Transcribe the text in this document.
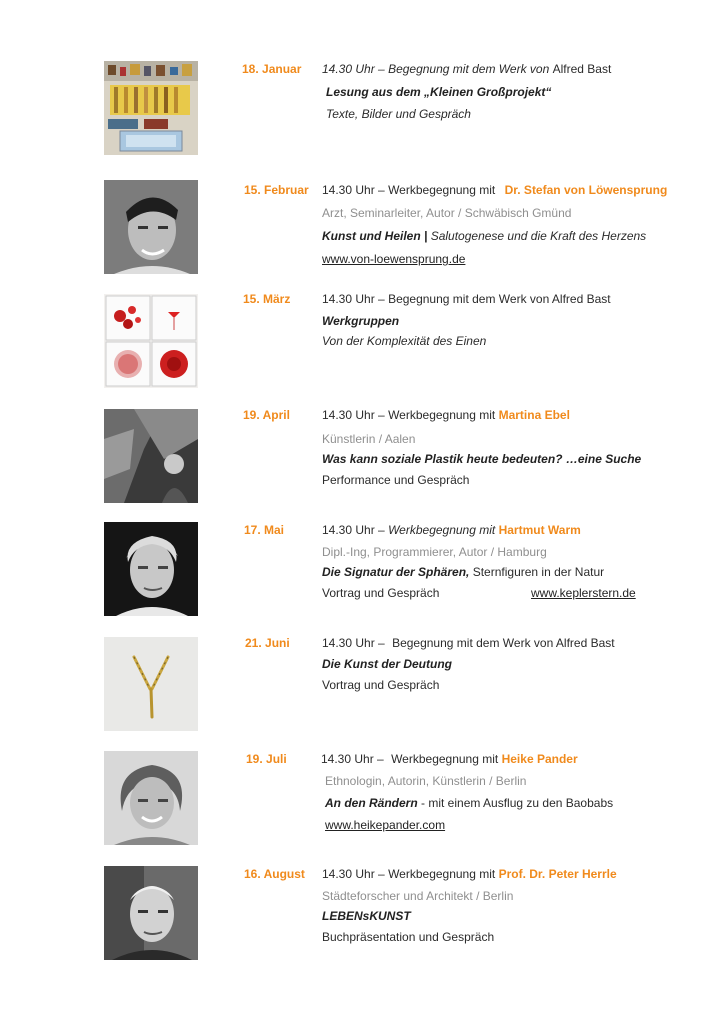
18. Januar 14.30 Uhr – Begegnung mit dem Werk von Alfred Bast
Lesung aus dem „Kleinen Großprojekt“
Texte, Bilder und Gespräch
15. Februar 14.30 Uhr – Werkbegegnung mit Dr. Stefan von Löwensprung
Arzt, Seminarleiter, Autor / Schwäbisch Gmünd
Kunst und Heilen | Salutogenese und die Kraft des Herzens
www.von-loewensprung.de
15. März	14.30 Uhr – Begegnung mit dem Werk von Alfred Bast
Werkgruppen
Von der Komplexität des Einen
19. April	14.30 Uhr – Werkbegegnung mit Martina Ebel
Künstlerin / Aalen
Was kann soziale Plastik heute bedeuten? …eine Suche
Performance und Gespräch
17. Mai	14.30 Uhr – Werkbegegnung mit Hartmut Warm
Dipl.-Ing, Programmierer, Autor / Hamburg
Die Signatur der Sphären, Sternfiguren in der Natur
Vortrag und Gespräch	www.keplerstern.de
21. Juni	14.30 Uhr – Begegnung mit dem Werk von Alfred Bast
Die Kunst der Deutung
Vortrag und Gespräch
19. Juli	14.30 Uhr – Werkbegegnung mit Heike Pander
Ethnologin, Autorin, Künstlerin / Berlin
An den Rändern - mit einem Ausflug zu den Baobabs
www.heikepander.com
16. August 14.30 Uhr – Werkbegegnung mit Prof. Dr. Peter Herrle
Städteforscher und Architekt / Berlin
LEBENsKUNST
Buchpräsentation und Gespräch
